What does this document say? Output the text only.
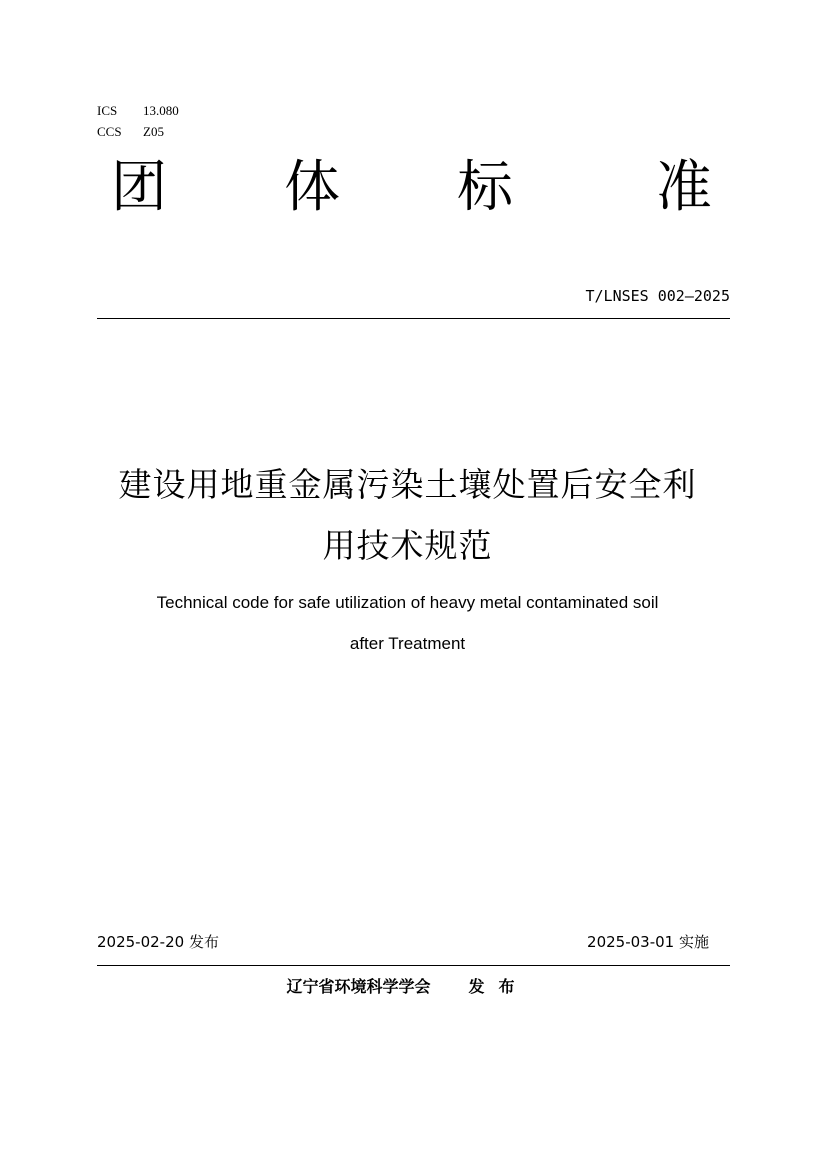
ICS 13.080
CCS Z05
团 体 标	准
T/LNSES 002—2025
建设用地重金属污染土壤处置后安全利
用技术规范
Technical code for safe utilization of heavy metal contaminated soil
after Treatment
2025-02-20 发布	2025-03-01 实施
辽宁省环境科学学会 发布
